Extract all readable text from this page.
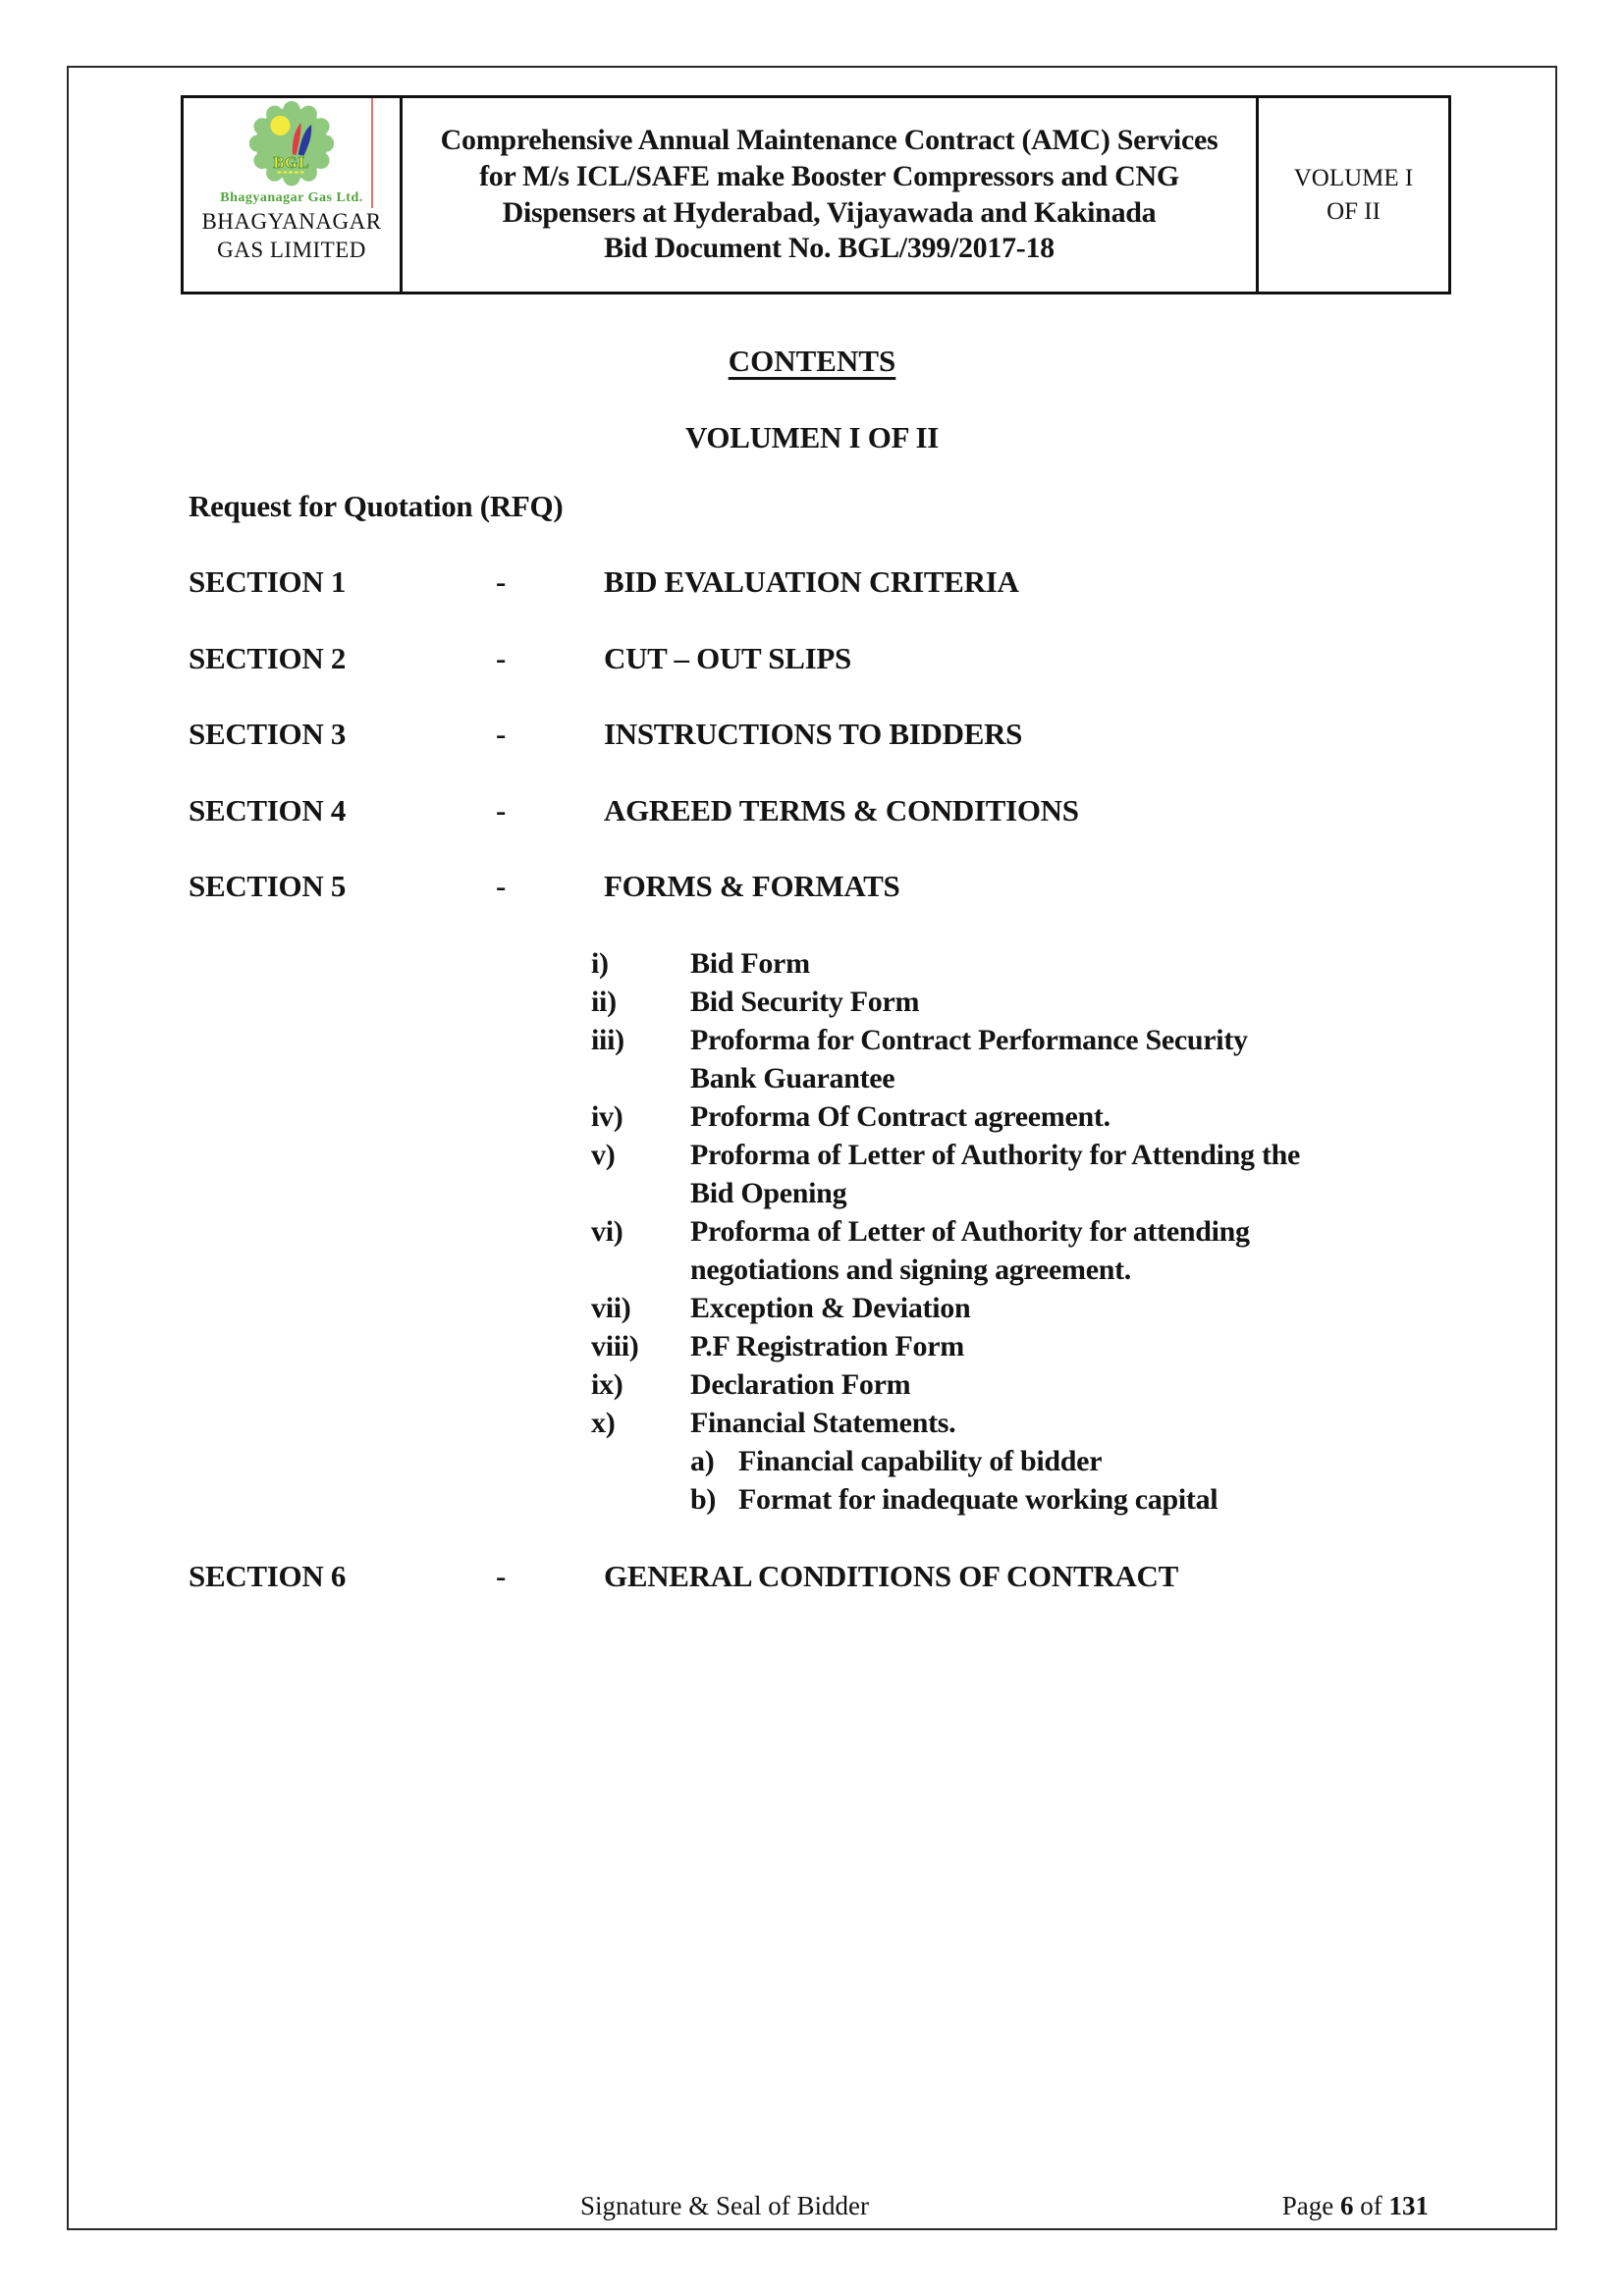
BGL
Bhagyanagar Gas Ltd.
BHAGYANAGAR
GAS LIMITED
Comprehensive Annual Maintenance Contract (AMC) Services for M/s ICL/SAFE make Booster Compressors and CNG Dispensers at Hyderabad, Vijayawada and Kakinada
Bid Document No. BGL/399/2017-18
VOLUME I OF II
CONTENTS
VOLUMEN I OF II
Request for Quotation (RFQ)
SECTION 1	-	BID EVALUATION CRITERIA
SECTION 2	-	CUT – OUT SLIPS
SECTION 3	-	INSTRUCTIONS TO BIDDERS
SECTION 4	-	AGREED TERMS & CONDITIONS
SECTION 5	-	FORMS & FORMATS
i)	Bid Form
ii)	Bid Security Form
iii)	Proforma for Contract Performance Security
Bank Guarantee
iv)	Proforma Of Contract agreement.
v)	Proforma of Letter of Authority for Attending the
Bid Opening
vi)	Proforma of Letter of Authority for attending
negotiations and signing agreement.
vii)	Exception & Deviation
viii)	P.F Registration Form
ix)	Declaration Form
x)	Financial Statements.
a) Financial capability of bidder
b) Format for inadequate working capital
SECTION 6	-	GENERAL CONDITIONS OF CONTRACT
Signature & Seal of Bidder	Page 6 of 131
